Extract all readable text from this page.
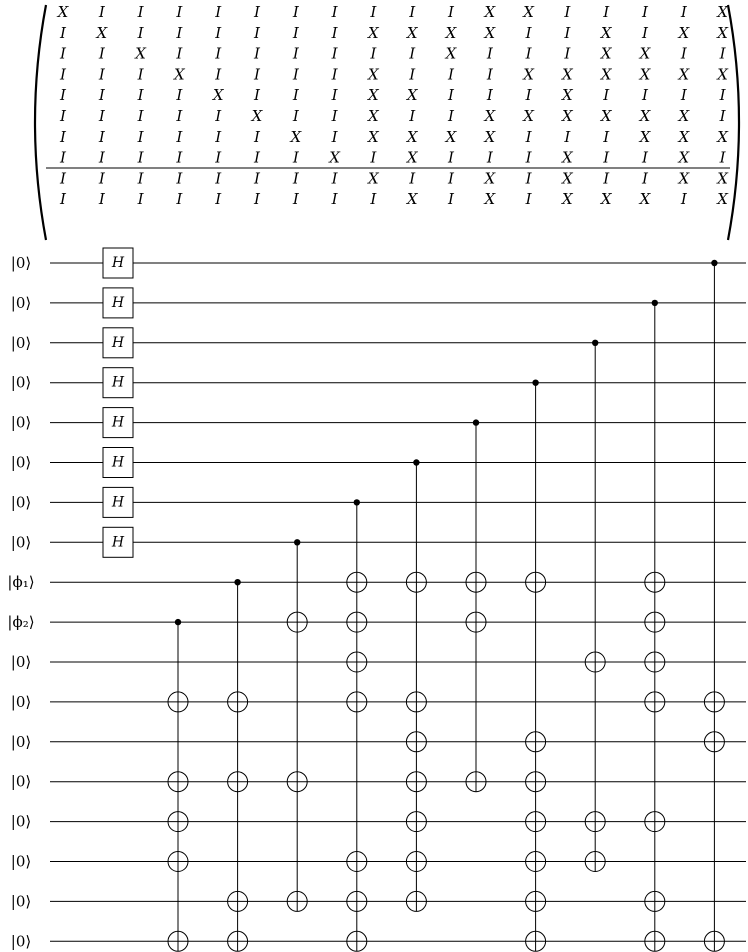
X I I I I I I I I I I X X I I I I X
I X I I I I I I X X X X I I X I X X
I I X I I I I I I I X I I I X X I I
I I I X I I I I X I I I X X X X X X
I I I I X I I I X X I I I X I I I I
I I I I I X I I X I I X X X X X X I
I I I I I I X I X X X X I I I X X X
I I I I I I I X I X I I I X I I X I
I I I I I I I I X I I X I X I I X X
I I I I I I I I I X I X I X X X I X
|0⟩
|0⟩
|0⟩
|0⟩
|0⟩
|0⟩
|0⟩
|0⟩
|ϕ₁⟩
|ϕ₂⟩
|0⟩
|0⟩
|0⟩
|0⟩
|0⟩
|0⟩
|0⟩
|0⟩
H
H
H
H
H
H
H
H
